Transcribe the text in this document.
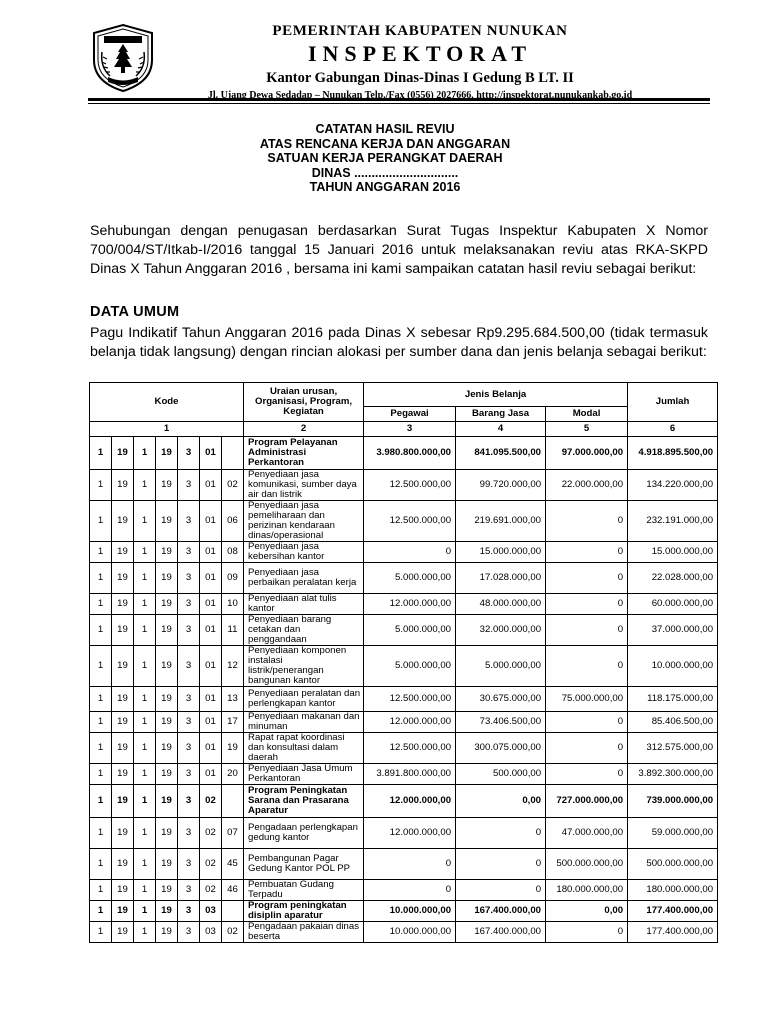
PEMERINTAH KABUPATEN NUNUKAN
INSPEKTORAT
Kantor Gabungan Dinas-Dinas I Gedung B LT. II
Jl. Ujang Dewa Sedadap – Nunukan Telp./Fax (0556) 2027666, http://inspektorat.nunukankab.go.id
CATATAN HASIL REVIU
ATAS RENCANA KERJA DAN ANGGARAN
SATUAN KERJA PERANGKAT DAERAH
DINAS ..............................
TAHUN ANGGARAN 2016
Sehubungan dengan penugasan berdasarkan Surat Tugas Inspektur Kabupaten X Nomor 700/004/ST/Itkab-I/2016 tanggal 15 Januari 2016 untuk melaksanakan reviu atas RKA-SKPD Dinas X Tahun Anggaran 2016 , bersama ini kami sampaikan catatan hasil reviu sebagai berikut:
DATA UMUM
Pagu Indikatif Tahun Anggaran 2016 pada Dinas X sebesar Rp9.295.684.500,00 (tidak termasuk belanja tidak langsung) dengan rincian alokasi per sumber dana dan jenis belanja sebagai berikut:
Kode							Uraian urusan, Organisasi, Program, Kegiatan	Jenis Belanja			Jumlah
								Pegawai	Barang Jasa	Modal	
1							2	3	4	5	6
1	19	1	19	3	01		Program Pelayanan Administrasi Perkantoran	3.980.800.000,00	841.095.500,00	97.000.000,00	4.918.895.500,00
1	19	1	19	3	01	02	Penyediaan jasa komunikasi, sumber daya air dan listrik	12.500.000,00	99.720.000,00	22.000.000,00	134.220.000,00
1	19	1	19	3	01	06	Penyediaan jasa pemeliharaan dan perizinan kendaraan dinas/operasional	12.500.000,00	219.691.000,00	0	232.191.000,00
1	19	1	19	3	01	08	Penyediaan jasa kebersihan kantor	0	15.000.000,00	0	15.000.000,00
1	19	1	19	3	01	09	Penyediaan jasa perbaikan peralatan kerja	5.000.000,00	17.028.000,00	0	22.028.000,00
1	19	1	19	3	01	10	Penyediaan alat tulis kantor	12.000.000,00	48.000.000,00	0	60.000.000,00
1	19	1	19	3	01	11	Penyediaan barang cetakan dan penggandaan	5.000.000,00	32.000.000,00	0	37.000.000,00
1	19	1	19	3	01	12	Penyediaan komponen instalasi listrik/penerangan bangunan kantor	5.000.000,00	5.000.000,00	0	10.000.000,00
1	19	1	19	3	01	13	Penyediaan peralatan dan perlengkapan kantor	12.500.000,00	30.675.000,00	75.000.000,00	118.175.000,00
1	19	1	19	3	01	17	Penyediaan makanan dan minuman	12.000.000,00	73.406.500,00	0	85.406.500,00
1	19	1	19	3	01	19	Rapat rapat koordinasi dan konsultasi dalam daerah	12.500.000,00	300.075.000,00	0	312.575.000,00
1	19	1	19	3	01	20	Penyediaan Jasa Umum Perkantoran	3.891.800.000,00	500.000,00	0	3.892.300.000,00
1	19	1	19	3	02		Program Peningkatan Sarana dan Prasarana Aparatur	12.000.000,00	0,00	727.000.000,00	739.000.000,00
1	19	1	19	3	02	07	Pengadaan perlengkapan gedung kantor	12.000.000,00	0	47.000.000,00	59.000.000,00
1	19	1	19	3	02	45	Pembangunan Pagar Gedung Kantor POL PP	0	0	500.000.000,00	500.000.000,00
1	19	1	19	3	02	46	Pembuatan Gudang Terpadu	0	0	180.000.000,00	180.000.000,00
1	19	1	19	3	03		Program peningkatan disiplin aparatur	10.000.000,00	167.400.000,00	0,00	177.400.000,00
1	19	1	19	3	03	02	Pengadaan pakaian dinas beserta	10.000.000,00	167.400.000,00	0	177.400.000,00
